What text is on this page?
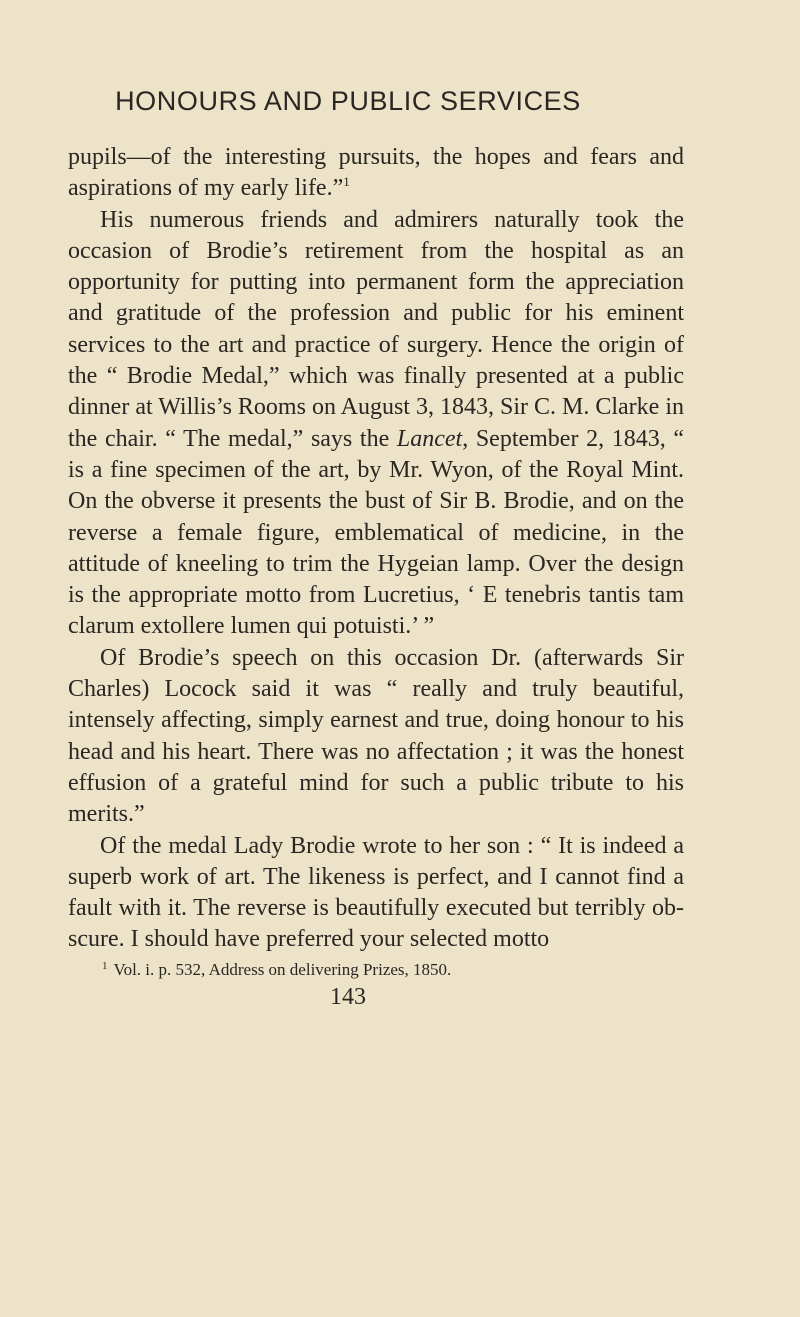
HONOURS AND PUBLIC SERVICES

pupils—of the interesting pursuits, the hopes and fears and aspirations of my early life.”$^1$

His numerous friends and admirers naturally took the occasion of Brodie’s retirement from the hospital as an opportunity for putting into permanent form the appreciation and gratitude of the profession and public for his eminent services to the art and practice of surgery. Hence the origin of the “ Brodie Medal,” which was finally presented at a public dinner at Willis’s Rooms on August 3, 1843, Sir C. M. Clarke in the chair. “ The medal,” says the Lancet, September 2, 1843, “ is a fine specimen of the art, by Mr. Wyon, of the Royal Mint. On the obverse it presents the bust of Sir B. Brodie, and on the reverse a female figure, emblematical of medicine, in the attitude of kneeling to trim the Hygeian lamp. Over the design is the appropriate motto from Lucretius, ‘ E tenebris tantis tam clarum extollere lumen qui potuisti.’ ”

Of Brodie’s speech on this occasion Dr. (afterwards Sir Charles) Locock said it was “ really and truly beautiful, intensely affecting, simply earnest and true, doing honour to his head and his heart. There was no affectation ; it was the honest effusion of a grateful mind for such a public tribute to his merits.”

Of the medal Lady Brodie wrote to her son : “ It is indeed a superb work of art. The likeness is perfect, and I cannot find a fault with it. The reverse is beautifully executed but terribly ob- scure. I should have preferred your selected motto

$^1$ Vol. i. p. 532, Address on delivering Prizes, 1850.

143
